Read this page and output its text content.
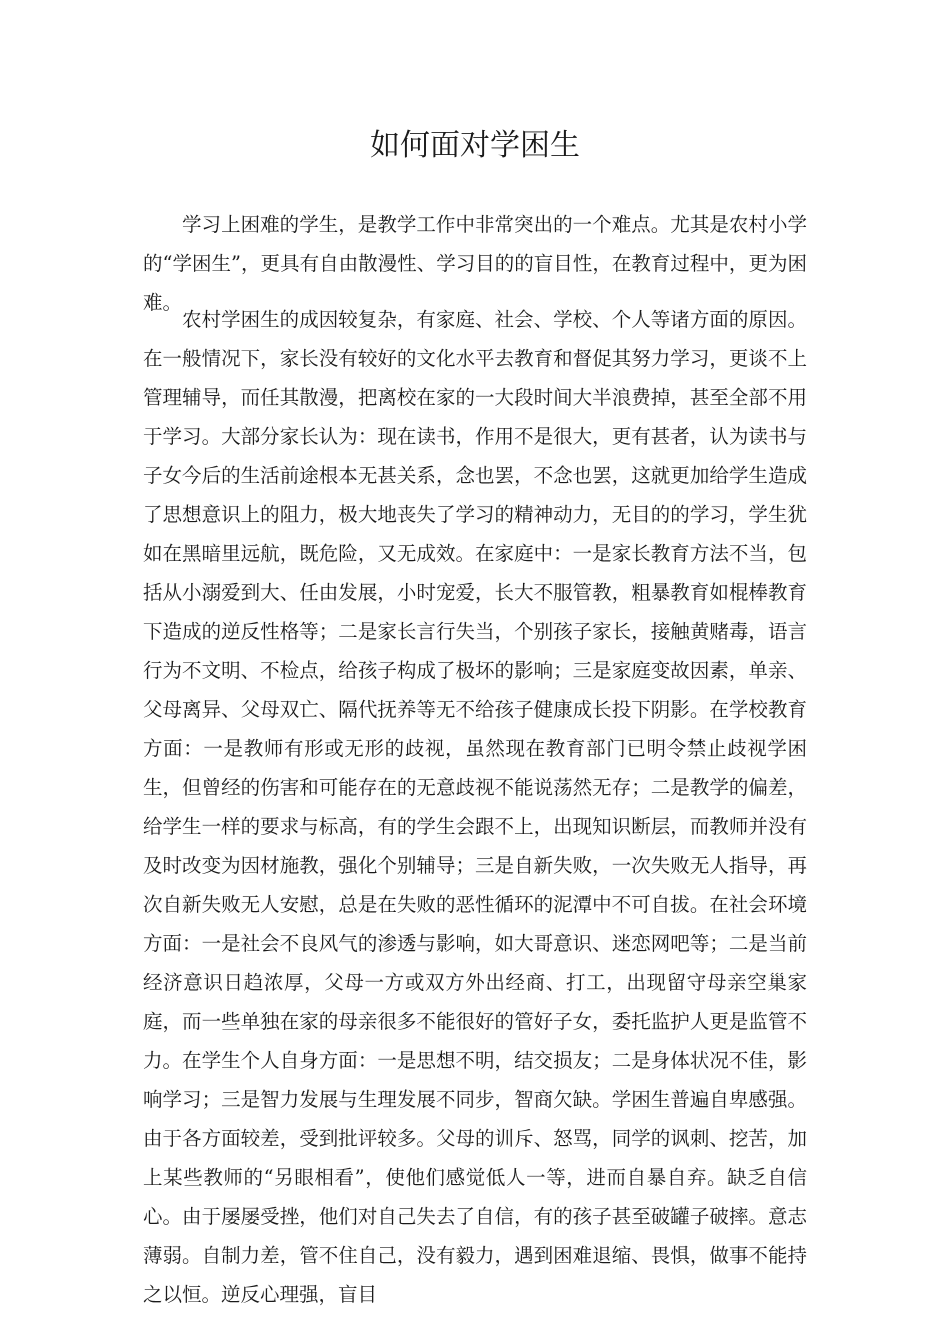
如何面对学困生

学习上困难的学生，是教学工作中非常突出的一个难点。尤其是农村小学的“学困生”，更具有自由散漫性、学习目的的盲目性，在教育过程中，更为困难。

农村学困生的成因较复杂，有家庭、社会、学校、个人等诸方面的原因。在一般情况下，家长没有较好的文化水平去教育和督促其努力学习，更谈不上管理辅导，而任其散漫，把离校在家的一大段时间大半浪费掉，甚至全部不用于学习。大部分家长认为：现在读书，作用不是很大，更有甚者，认为读书与子女今后的生活前途根本无甚关系，念也罢，不念也罢，这就更加给学生造成了思想意识上的阻力，极大地丧失了学习的精神动力，无目的的学习，学生犹如在黑暗里远航，既危险，又无成效。在家庭中：一是家长教育方法不当，包括从小溺爱到大、任由发展，小时宠爱，长大不服管教，粗暴教育如棍棒教育下造成的逆反性格等；二是家长言行失当，个别孩子家长，接触黄赌毒，语言行为不文明、不检点，给孩子构成了极坏的影响；三是家庭变故因素，单亲、父母离异、父母双亡、隔代抚养等无不给孩子健康成长投下阴影。在学校教育方面：一是教师有形或无形的歧视，虽然现在教育部门已明令禁止歧视学困生，但曾经的伤害和可能存在的无意歧视不能说荡然无存；二是教学的偏差，给学生一样的要求与标高，有的学生会跟不上，出现知识断层，而教师并没有及时改变为因材施教，强化个别辅导；三是自新失败，一次失败无人指导，再次自新失败无人安慰，总是在失败的恶性循环的泥潭中不可自拔。在社会环境方面：一是社会不良风气的渗透与影响，如大哥意识、迷恋网吧等；二是当前经济意识日趋浓厚，父母一方或双方外出经商、打工，出现留守母亲空巢家庭，而一些单独在家的母亲很多不能很好的管好子女，委托监护人更是监管不力。在学生个人自身方面：一是思想不明，结交损友；二是身体状况不佳，影响学习；三是智力发展与生理发展不同步，智商欠缺。学困生普遍自卑感强。由于各方面较差，受到批评较多。父母的训斥、怒骂，同学的讽刺、挖苦，加上某些教师的“另眼相看”，使他们感觉低人一等，进而自暴自弃。缺乏自信心。由于屡屡受挫，他们对自己失去了自信，有的孩子甚至破罐子破摔。意志薄弱。自制力差，管不住自己，没有毅力，遇到困难退缩、畏惧，做事不能持之以恒。逆反心理强，盲目
